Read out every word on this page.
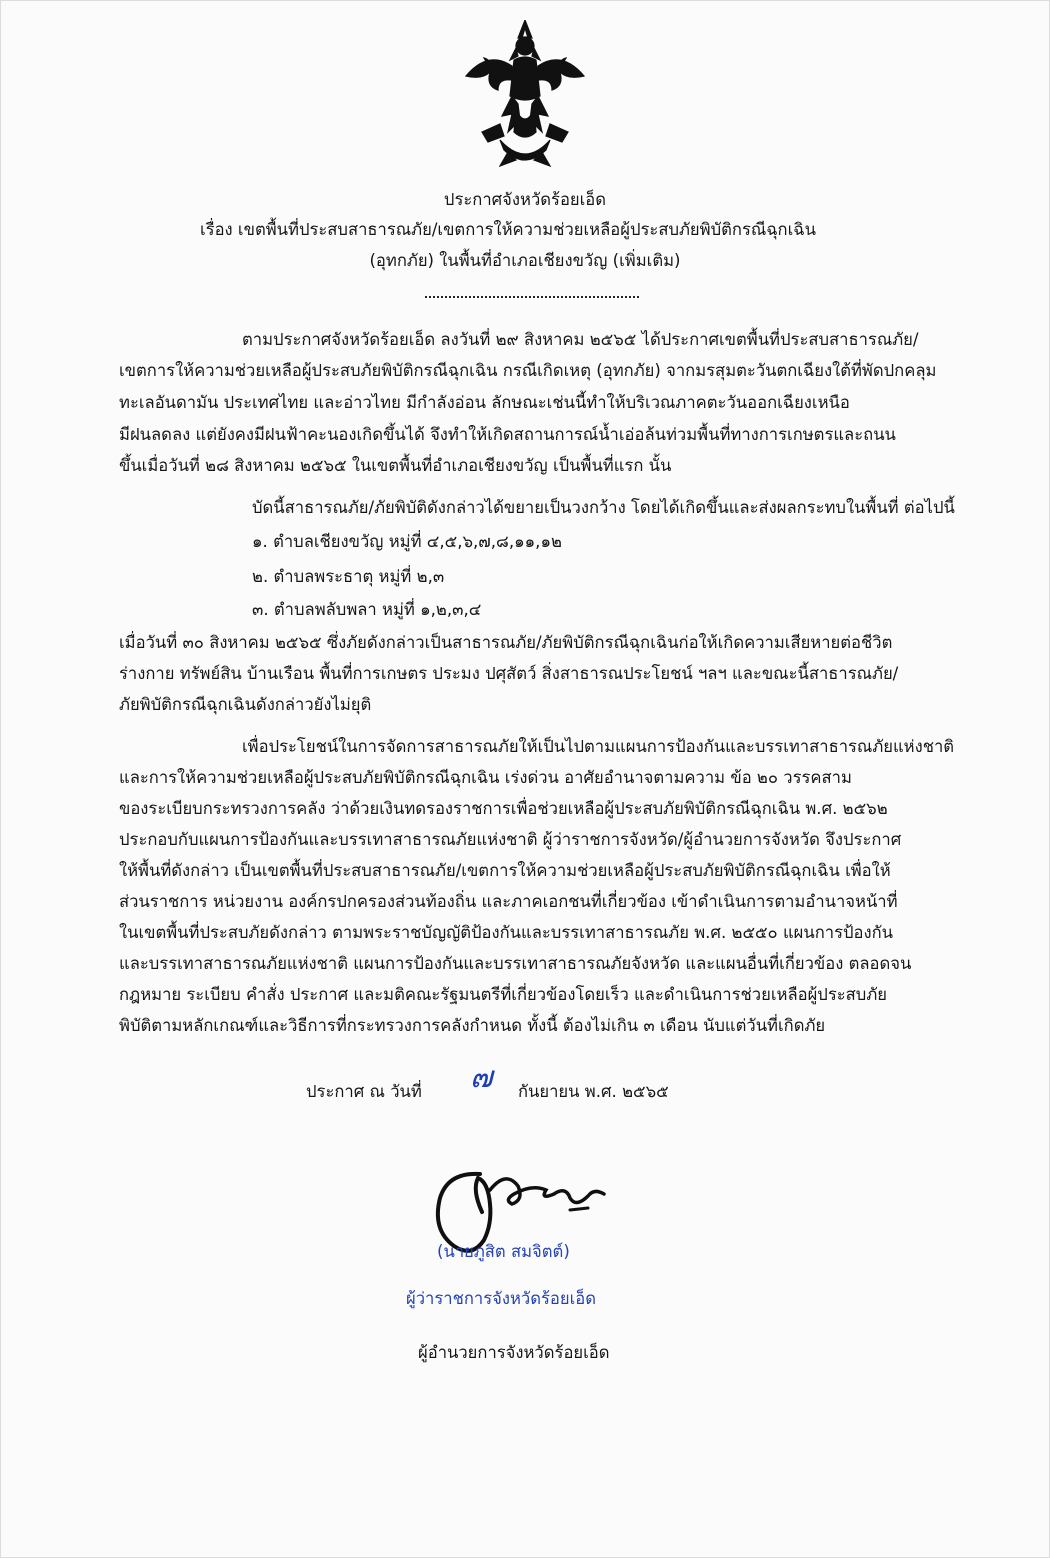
ประกาศจังหวัดร้อยเอ็ด
เรื่อง เขตพื้นที่ประสบสาธารณภัย/เขตการให้ความช่วยเหลือผู้ประสบภัยพิบัติกรณีฉุกเฉิน
(อุทกภัย) ในพื้นที่อำเภอเชียงขวัญ (เพิ่มเติม)
ตามประกาศจังหวัดร้อยเอ็ด ลงวันที่ ๒๙ สิงหาคม ๒๕๖๕ ได้ประกาศเขตพื้นที่ประสบสาธารณภัย/
เขตการให้ความช่วยเหลือผู้ประสบภัยพิบัติกรณีฉุกเฉิน กรณีเกิดเหตุ (อุทกภัย) จากมรสุมตะวันตกเฉียงใต้ที่พัดปกคลุม
ทะเลอันดามัน ประเทศไทย และอ่าวไทย มีกำลังอ่อน ลักษณะเช่นนี้ทำให้บริเวณภาคตะวันออกเฉียงเหนือ
มีฝนลดลง แต่ยังคงมีฝนฟ้าคะนองเกิดขึ้นได้ จึงทำให้เกิดสถานการณ์น้ำเอ่อล้นท่วมพื้นที่ทางการเกษตรและถนน
ขึ้นเมื่อวันที่ ๒๘ สิงหาคม ๒๕๖๕ ในเขตพื้นที่อำเภอเชียงขวัญ เป็นพื้นที่แรก นั้น
บัดนี้สาธารณภัย/ภัยพิบัติดังกล่าวได้ขยายเป็นวงกว้าง โดยได้เกิดขึ้นและส่งผลกระทบในพื้นที่ ต่อไปนี้
๑. ตำบลเชียงขวัญ หมู่ที่ ๔,๕,๖,๗,๘,๑๑,๑๒
๒. ตำบลพระธาตุ หมู่ที่ ๒,๓
๓. ตำบลพลับพลา หมู่ที่ ๑,๒,๓,๔
เมื่อวันที่ ๓๐ สิงหาคม ๒๕๖๕ ซึ่งภัยดังกล่าวเป็นสาธารณภัย/ภัยพิบัติกรณีฉุกเฉินก่อให้เกิดความเสียหายต่อชีวิต
ร่างกาย ทรัพย์สิน บ้านเรือน พื้นที่การเกษตร ประมง ปศุสัตว์ สิ่งสาธารณประโยชน์ ฯลฯ และขณะนี้สาธารณภัย/
ภัยพิบัติกรณีฉุกเฉินดังกล่าวยังไม่ยุติ
เพื่อประโยชน์ในการจัดการสาธารณภัยให้เป็นไปตามแผนการป้องกันและบรรเทาสาธารณภัยแห่งชาติ
และการให้ความช่วยเหลือผู้ประสบภัยพิบัติกรณีฉุกเฉิน เร่งด่วน อาศัยอำนาจตามความ ข้อ ๒๐ วรรคสาม
ของระเบียบกระทรวงการคลัง ว่าด้วยเงินทดรองราชการเพื่อช่วยเหลือผู้ประสบภัยพิบัติกรณีฉุกเฉิน พ.ศ. ๒๕๖๒
ประกอบกับแผนการป้องกันและบรรเทาสาธารณภัยแห่งชาติ ผู้ว่าราชการจังหวัด/ผู้อำนวยการจังหวัด จึงประกาศ
ให้พื้นที่ดังกล่าว เป็นเขตพื้นที่ประสบสาธารณภัย/เขตการให้ความช่วยเหลือผู้ประสบภัยพิบัติกรณีฉุกเฉิน เพื่อให้
ส่วนราชการ หน่วยงาน องค์กรปกครองส่วนท้องถิ่น และภาคเอกชนที่เกี่ยวข้อง เข้าดำเนินการตามอำนาจหน้าที่
ในเขตพื้นที่ประสบภัยดังกล่าว ตามพระราชบัญญัติป้องกันและบรรเทาสาธารณภัย พ.ศ. ๒๕๕๐ แผนการป้องกัน
และบรรเทาสาธารณภัยแห่งชาติ แผนการป้องกันและบรรเทาสาธารณภัยจังหวัด และแผนอื่นที่เกี่ยวข้อง ตลอดจน
กฎหมาย ระเบียบ คำสั่ง ประกาศ และมติคณะรัฐมนตรีที่เกี่ยวข้องโดยเร็ว และดำเนินการช่วยเหลือผู้ประสบภัย
พิบัติตามหลักเกณฑ์และวิธีการที่กระทรวงการคลังกำหนด ทั้งนี้ ต้องไม่เกิน ๓ เดือน นับแต่วันที่เกิดภัย
ประกาศ ณ วันที่ ๗ กันยายน พ.ศ. ๒๕๖๕
(นายภูสิต สมจิตต์)
ผู้ว่าราชการจังหวัดร้อยเอ็ด
ผู้อำนวยการจังหวัดร้อยเอ็ด
